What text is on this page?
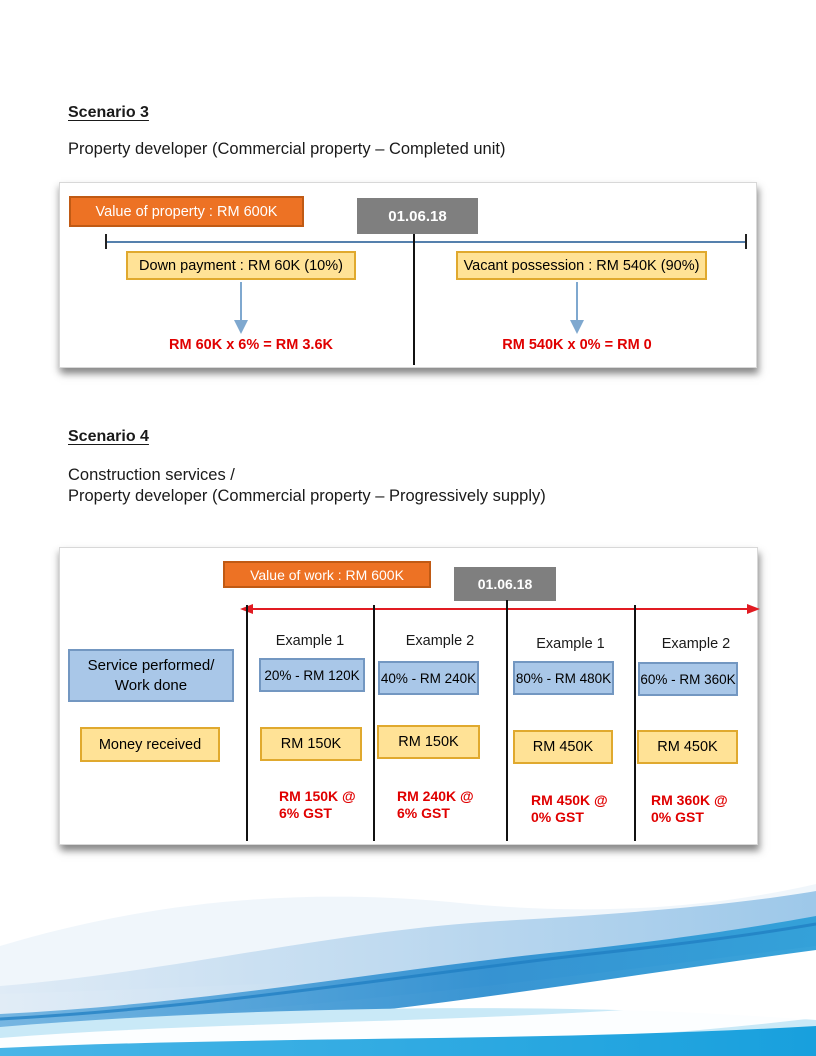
Scenario 3
Property developer (Commercial property – Completed unit)
Value of property : RM 600K	01.06.18
Down payment : RM 60K (10%)	Vacant possession : RM 540K (90%)
RM 60K x 6% = RM 3.6K	RM 540K x 0% = RM 0
Scenario 4
Construction services /
Property developer (Commercial property – Progressively supply)
Value of work : RM 600K
01.06.18
Example 1	Example 2	Example 1	Example 2
Service performed/
Work done
20% - RM 120K	40% - RM 240K	80% - RM 480K 60% - RM 360K
Money received	RM 150K	RM 150K	RM 450K	RM 450K
RM 150K @
6% GST
RM 240K @
6% GST
RM 450K @
0% GST
RM 360K @
0% GST
